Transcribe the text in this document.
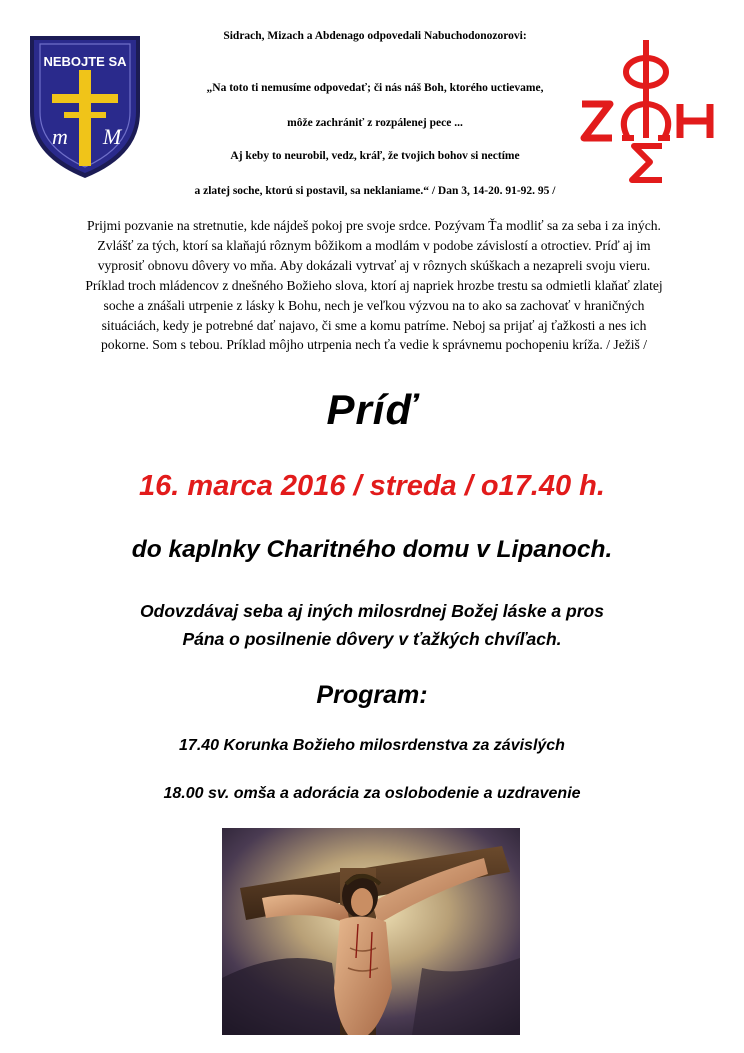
NEBOJTE SA
m M
ΦΖΩΗΣ
Sidrach, Mizach a Abdenago odpovedali Nabuchodonozorovi:
„Na toto ti nemusíme odpovedať; či nás náš Boh, ktorého uctievame,
môže zachrániť z rozpálenej pece ...
Aj keby to neurobil, vedz, kráľ, že tvojich bohov si nectíme
a zlatej soche, ktorú si postavil, sa neklaniame.“ / Dan 3, 14-20. 91-92. 95 /
Prijmi pozvanie na stretnutie, kde nájdeš pokoj pre svoje srdce. Pozývam Ťa modliť sa za seba i za iných.
Zvlášť za tých, ktorí sa klaňajú rôznym bôžikom a modlám v podobe závislostí a otroctiev. Príď aj im
vyprosiť obnovu dôvery vo mňa. Aby dokázali vytrvať aj v rôznych skúškach a nezapreli svoju vieru.
Príklad troch mládencov z dnešného Božieho slova, ktorí aj napriek hrozbe trestu sa odmietli klaňať zlatej
soche a znášali utrpenie z lásky k Bohu, nech je veľkou výzvou na to ako sa zachovať v hraničných
situáciách, kedy je potrebné dať najavo, či sme a komu patríme. Neboj sa prijať aj ťažkosti a nes ich
pokorne. Som s tebou. Príklad môjho utrpenia nech ťa vedie k správnemu pochopeniu kríža. / Ježiš /
Príď
16. marca 2016 / streda / o17.40 h.
do kaplnky Charitného domu v Lipanoch.
Odovzdávaj seba aj iných milosrdnej Božej láske a pros
Pána o posilnenie dôvery v ťažkých chvíľach.
Program:
17.40 Korunka Božieho milosrdenstva za závislých
18.00 sv. omša a adorácia za oslobodenie a uzdravenie
